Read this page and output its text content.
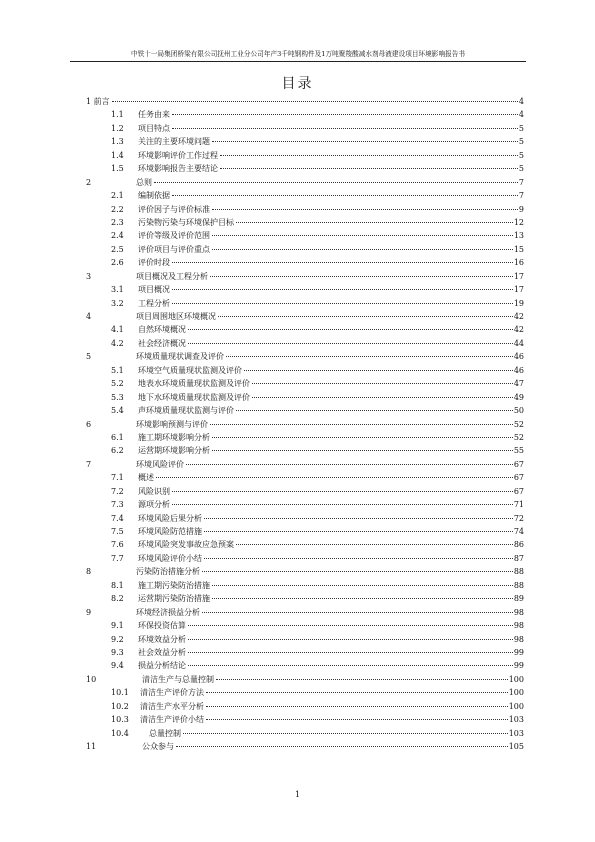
中铁十一局集团桥梁有限公司抚州工业分公司年产3千吨钢构件及1万吨聚羧酸减水剂母液建设项目环境影响报告书
目录
1 前言	4
1.1	任务由来	4
1.2	项目特点	5
1.3	关注的主要环境问题	5
1.4	环境影响评价工作过程	5
1.5	环境影响报告主要结论	5
2	总则	7
2.1	编制依据	7
2.2	评价因子与评价标准	9
2.3	污染物污染与环境保护目标	12
2.4	评价等级及评价范围	13
2.5	评价项目与评价重点	15
2.6	评价时段	16
3	项目概况及工程分析	17
3.1	项目概况	17
3.2	工程分析	19
4	项目周围地区环境概况	42
4.1	自然环境概况	42
4.2	社会经济概况	44
5	环境质量现状调查及评价	46
5.1	环境空气质量现状监测及评价	46
5.2	地表水环境质量现状监测及评价	47
5.3	地下水环境质量现状监测及评价	49
5.4	声环境质量现状监测与评价	50
6	环境影响预测与评价	52
6.1	施工期环境影响分析	52
6.2	运营期环境影响分析	55
7	环境风险评价	67
7.1	概述	67
7.2	风险识别	67
7.3	源项分析	71
7.4	环境风险后果分析	72
7.5	环境风险防范措施	74
7.6	环境风险突发事故应急预案	86
7.7	环境风险评价小结	87
8	污染防治措施分析	88
8.1	施工期污染防治措施	88
8.2	运营期污染防治措施	89
9	环境经济损益分析	98
9.1	环保投资估算	98
9.2	环境效益分析	98
9.3	社会效益分析	99
9.4	损益分析结论	99
10	清洁生产与总量控制	100
10.1	清洁生产评价方法	100
10.2	清洁生产水平分析	100
10.3	清洁生产评价小结	103
10.4	总量控制	103
11	公众参与	105
1
